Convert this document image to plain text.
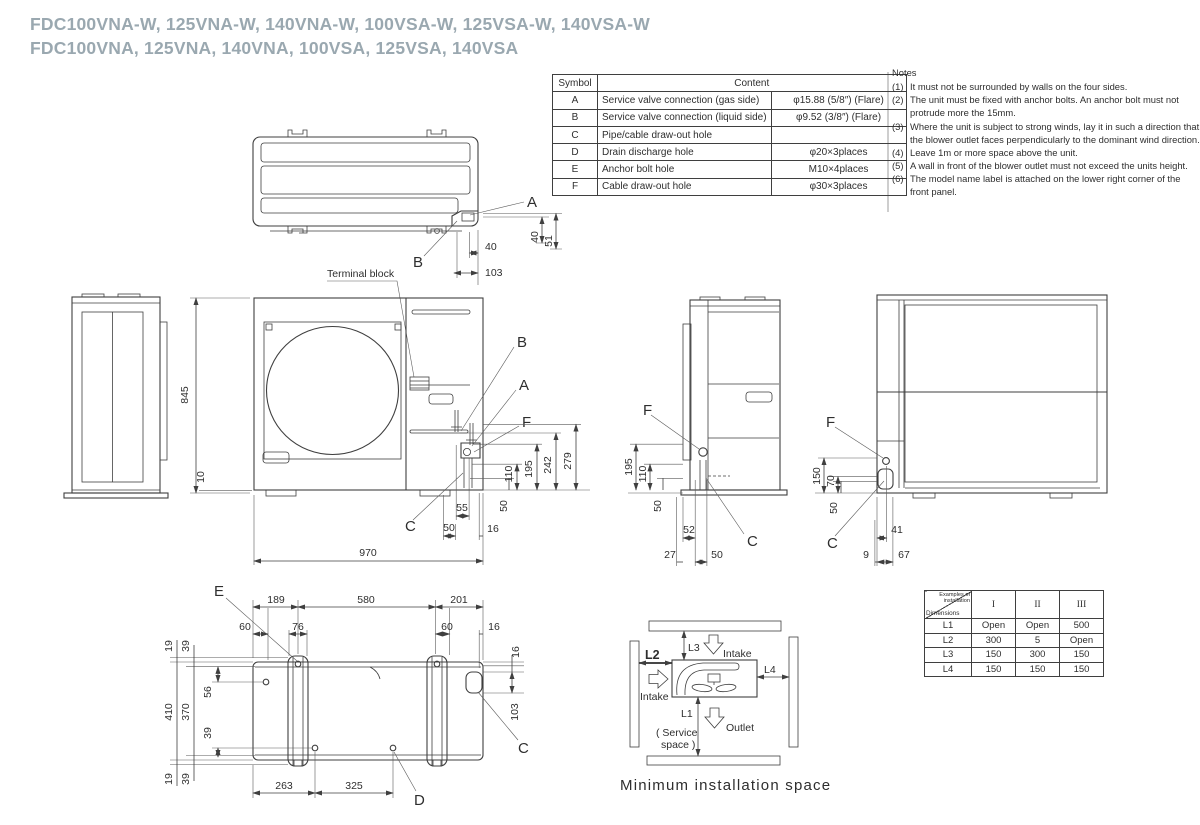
FDC100VNA-W, 125VNA-W, 140VNA-W, 100VSA-W, 125VSA-W, 140VSA-W
FDC100VNA, 125VNA, 140VNA, 100VSA, 125VSA, 140VSA
A
B
40
103
40 51
Terminal block
845
10
B
A
F
C
110 195 242 279
50
55
50	16
970
F
C
195 110
50
52
27	50
F
C
150 70
50
41
9	67
E
D
C
189	580	201
60	76	60	16
19 39
410 370
19 39
56
39
16
103
263	325
L2	L3 Intake
L4
Intake
L1
Outlet
( Service
space )
Minimum installation space
Symbol	Content	
A	Service valve connection (gas side)	φ15.88 (5/8″) (Flare)
B	Service valve connection (liquid side)	φ9.52 (3/8″) (Flare)
C	Pipe/cable draw-out hole	
D	Drain discharge hole	φ20×3places
E	Anchor bolt hole	M10×4places
F	Cable draw-out hole	φ30×3places
Notes
(1) It must not be surrounded by walls on the four sides.
(2) The unit must be fixed with anchor bolts. An anchor bolt must not protrude more the 15mm.
(3) Where the unit is subject to strong winds, lay it in such a direction that the blower outlet faces perpendicularly to the dominant wind direction.
(4) Leave 1m or more space above the unit.
(5) A wall in front of the blower outlet must not exceed the units height.
(6) The model name label is attached on the lower right corner of the front panel.
Examples of installation
Dimensions	I	II	III
L1	Open	Open	500
L2	300	5	Open
L3	150	300	150
L4	150	150	150
